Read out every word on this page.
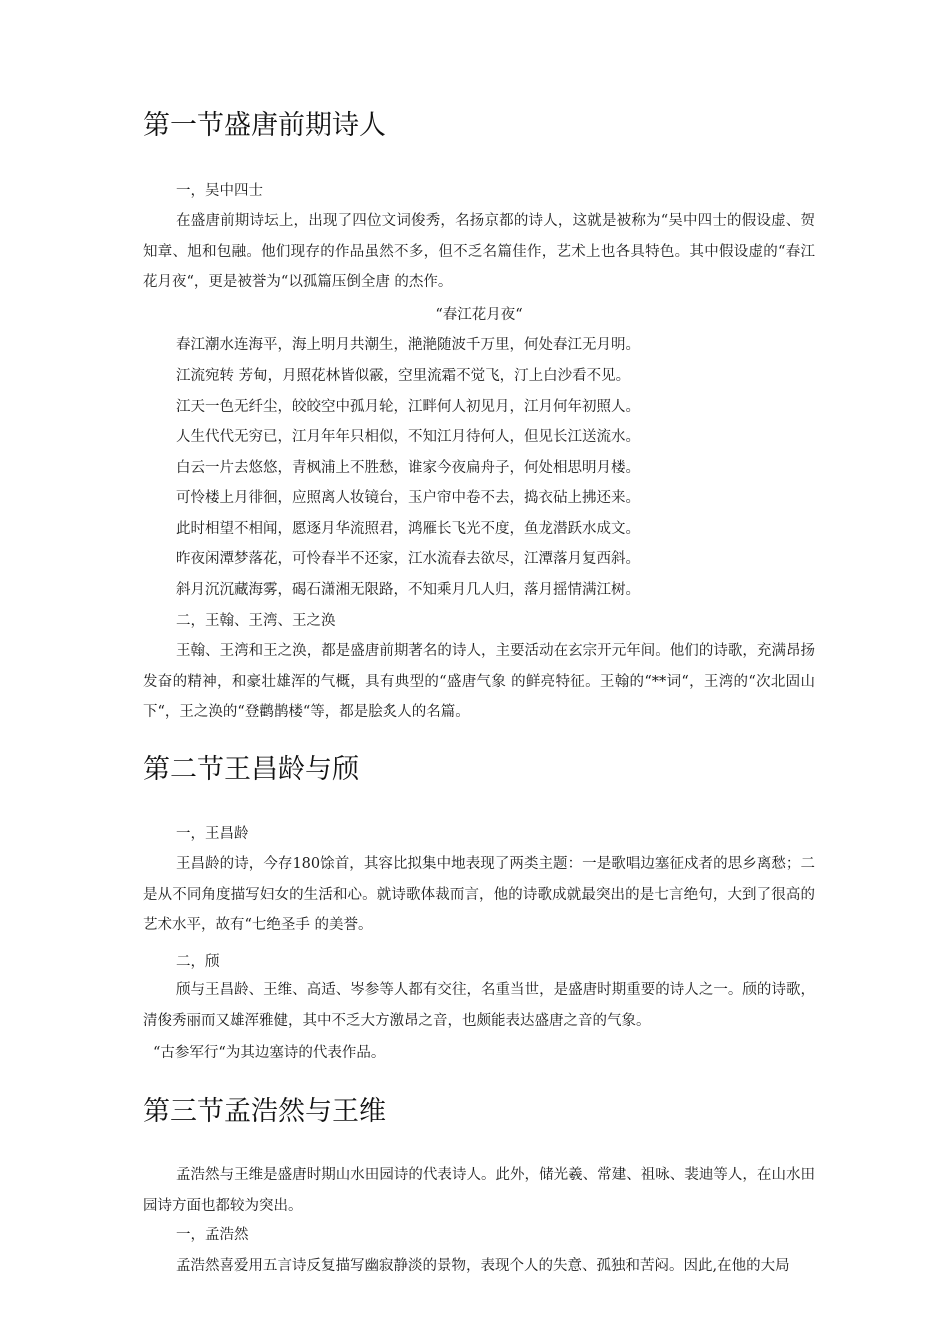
第一节盛唐前期诗人
一，吴中四士

在盛唐前期诗坛上，出现了四位文词俊秀，名扬京都的诗人，这就是被称为“吴中四士的假设虚、贺知章、旭和包融。他们现存的作品虽然不多，但不乏名篇佳作，艺术上也各具特色。其中假设虚的“春江花月夜“，更是被誉为“以孤篇压倒全唐 的杰作。

“春江花月夜“
春江潮水连海平，海上明月共潮生，滟滟随波千万里，何处春江无月明。
江流宛转 芳甸，月照花林皆似霰，空里流霜不觉飞，汀上白沙看不见。
江天一色无纤尘，皎皎空中孤月轮，江畔何人初见月，江月何年初照人。
人生代代无穷已，江月年年只相似，不知江月待何人，但见长江送流水。
白云一片去悠悠，青枫浦上不胜愁，谁家今夜扁舟子，何处相思明月楼。
可怜楼上月徘徊，应照离人妆镜台，玉户帘中卷不去，捣衣砧上拂还来。
此时相望不相闻，愿逐月华流照君，鸿雁长飞光不度，鱼龙潜跃水成文。
昨夜闲潭梦落花，可怜春半不还家，江水流春去欲尽，江潭落月复西斜。
斜月沉沉藏海雾，碣石潇湘无限路，不知乘月几人归，落月摇情满江树。
二，王翰、王湾、王之涣

王翰、王湾和王之涣，都是盛唐前期著名的诗人，主要活动在玄宗开元年间。他们的诗歌，充满昂扬发奋的精神，和豪壮雄浑的气概，具有典型的“盛唐气象 的鲜亮特征。王翰的“**词“，王湾的“次北固山下“，王之涣的“登鹳鹊楼“等，都是脍炙人的名篇。

第二节王昌龄与颀
一，王昌龄

王昌龄的诗，今存180馀首，其容比拟集中地表现了两类主题：一是歌唱边塞征戍者的思乡离愁；二是从不同角度描写妇女的生活和心。就诗歌体裁而言，他的诗歌成就最突出的是七言绝句，大到了很高的艺术水平，故有“七绝圣手 的美誉。

二，颀

颀与王昌龄、王维、高适、岑参等人都有交往，名重当世，是盛唐时期重要的诗人之一。颀的诗歌，清俊秀丽而又雄浑雅健，其中不乏大方激昂之音，也颇能表达盛唐之音的气象。

“古参军行“为其边塞诗的代表作品。
第三节孟浩然与王维

孟浩然与王维是盛唐时期山水田园诗的代表诗人。此外，储光羲、常建、祖咏、裴迪等人，在山水田园诗方面也都较为突出。

一，孟浩然

孟浩然喜爱用五言诗反复描写幽寂静淡的景物，表现个人的失意、孤独和苦闷。因此,在他的大局
